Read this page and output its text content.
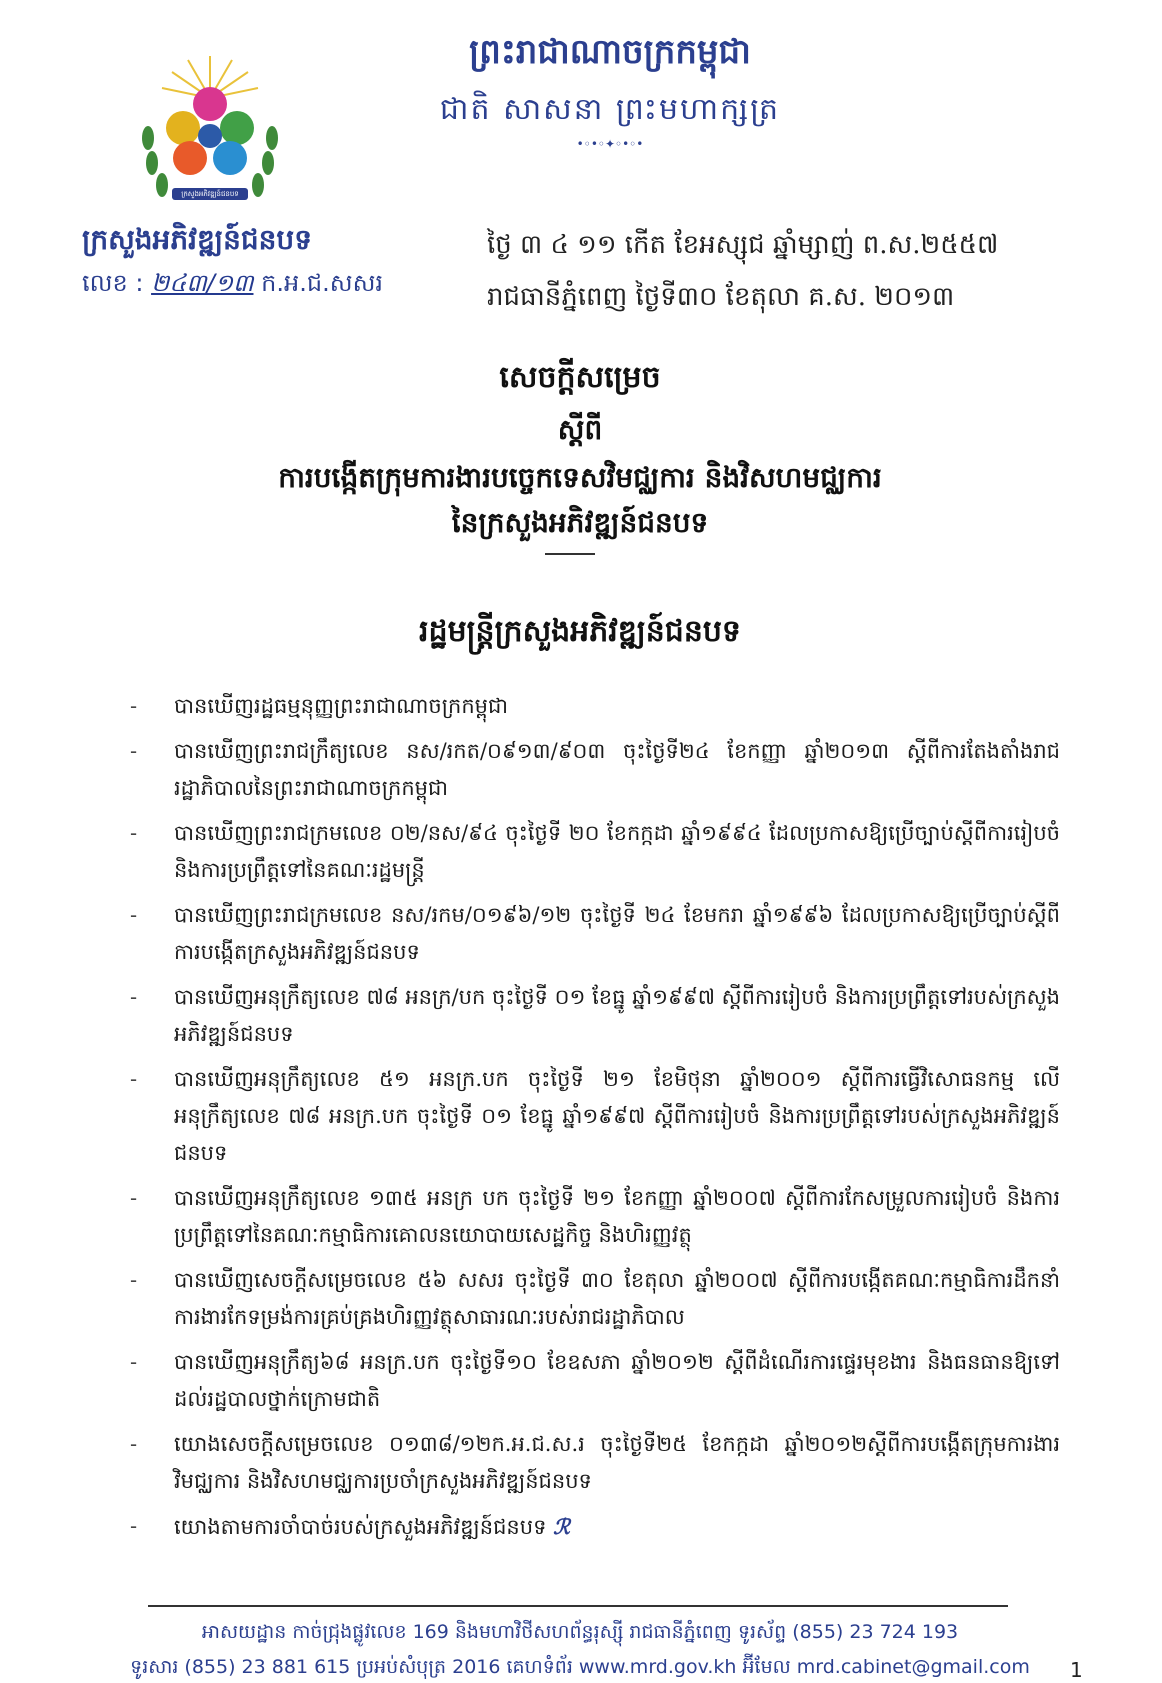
ព្រះរាជាណាចក្រកម្ពុជា
ជាតិ សាសនា ព្រះមហាក្សត្រ
•◦•◦✦◦•◦•
ក្រសួងអភិវឌ្ឍន៍ជនបទ
ក្រសួងអភិវឌ្ឍន៍ជនបទ
លេខ : ២៤៣/១៣ ក.អ.ជ.សសរ
ថ្ងៃ ៣ ៤ ១១ កើត ខែអស្សុជ ឆ្នាំម្សាញ់ ព.ស.២៥៥៧
រាជធានីភ្នំពេញ ថ្ងៃទី៣០ ខែតុលា គ.ស. ២០១៣
សេចក្តីសម្រេច
ស្តីពី
ការបង្កើតក្រុមការងារបច្ចេកទេសវិមជ្ឈការ និងវិសហមជ្ឈការ
នៃក្រសួងអភិវឌ្ឍន៍ជនបទ
រដ្ឋមន្ត្រីក្រសួងអភិវឌ្ឍន៍ជនបទ
- បានឃើញរដ្ឋធម្មនុញ្ញព្រះរាជាណាចក្រកម្ពុជា
- បានឃើញព្រះរាជក្រឹត្យលេខ នស/រកត/០៩១៣/៩០៣ ចុះថ្ងៃទី២៤ ខែកញ្ញា ឆ្នាំ២០១៣ ស្តីពីការតែងតាំងរាជរដ្ឋាភិបាលនៃព្រះរាជាណាចក្រកម្ពុជា
- បានឃើញព្រះរាជក្រមលេខ ០២/នស/៩៤ ចុះថ្ងៃទី ២០ ខែកក្កដា ឆ្នាំ១៩៩៤ ដែលប្រកាសឱ្យប្រើច្បាប់ស្តីពីការរៀបចំ និងការប្រព្រឹត្តទៅនៃគណៈរដ្ឋមន្ត្រី
- បានឃើញព្រះរាជក្រមលេខ នស/រកម/០១៩៦/១២ ចុះថ្ងៃទី ២៤ ខែមករា ឆ្នាំ១៩៩៦ ដែលប្រកាសឱ្យប្រើច្បាប់ស្តីពីការបង្កើតក្រសួងអភិវឌ្ឍន៍ជនបទ
- បានឃើញអនុក្រឹត្យលេខ ៧៨ អនក្រ/បក ចុះថ្ងៃទី ០១ ខែធ្នូ ឆ្នាំ១៩៩៧ ស្តីពីការរៀបចំ និងការប្រព្រឹត្តទៅរបស់ក្រសួងអភិវឌ្ឍន៍ជនបទ
- បានឃើញអនុក្រឹត្យលេខ ៥១ អនក្រ.បក ចុះថ្ងៃទី ២១ ខែមិថុនា ឆ្នាំ២០០១ ស្តីពីការធ្វើវិសោធនកម្ម លើអនុក្រឹត្យលេខ ៧៨ អនក្រ.បក ចុះថ្ងៃទី ០១ ខែធ្នូ ឆ្នាំ១៩៩៧ ស្តីពីការរៀបចំ និងការប្រព្រឹត្តទៅរបស់ក្រសួងអភិវឌ្ឍន៍ជនបទ
- បានឃើញអនុក្រឹត្យលេខ ១៣៥ អនក្រ បក ចុះថ្ងៃទី ២១ ខែកញ្ញា ឆ្នាំ២០០៧ ស្តីពីការកែសម្រួលការរៀបចំ និងការប្រព្រឹត្តទៅនៃគណៈកម្មាធិការគោលនយោបាយសេដ្ឋកិច្ច និងហិរញ្ញវត្ថុ
- បានឃើញសេចក្តីសម្រេចលេខ ៥៦ សសរ ចុះថ្ងៃទី ៣០ ខែតុលា ឆ្នាំ២០០៧ ស្តីពីការបង្កើតគណៈកម្មាធិការដឹកនាំការងារកែទម្រង់ការគ្រប់គ្រងហិរញ្ញវត្ថុសាធារណៈរបស់រាជរដ្ឋាភិបាល
- បានឃើញអនុក្រឹត្យ៦៨ អនក្រ.បក ចុះថ្ងៃទី១០ ខែឧសភា ឆ្នាំ២០១២ ស្តីពីដំណើរការផ្ទេរមុខងារ និងធនធានឱ្យទៅដល់រដ្ឋបាលថ្នាក់ក្រោមជាតិ
- យោងសេចក្តីសម្រេចលេខ ០១៣៨/១២ក.អ.ជ.ស.រ ចុះថ្ងៃទី២៥ ខែកក្កដា ឆ្នាំ២០១២ស្តីពីការបង្កើតក្រុមការងារវិមជ្ឈការ និងវិសហមជ្ឈការប្រចាំក្រសួងអភិវឌ្ឍន៍ជនបទ
- យោងតាមការចាំបាច់របស់ក្រសួងអភិវឌ្ឍន៍ជនបទ ℛ
អាសយដ្ឋាន កាច់ជ្រុងផ្លូវលេខ 169 និងមហាវិថីសហព័ន្ធរុស្ស៊ី រាជធានីភ្នំពេញ ទូរស័ព្ទ (855) 23 724 193
ទូរសារ (855) 23 881 615 ប្រអប់សំបុត្រ 2016 គេហទំព័រ www.mrd.gov.kh អ៊ីមែល mrd.cabinet@gmail.com	1
